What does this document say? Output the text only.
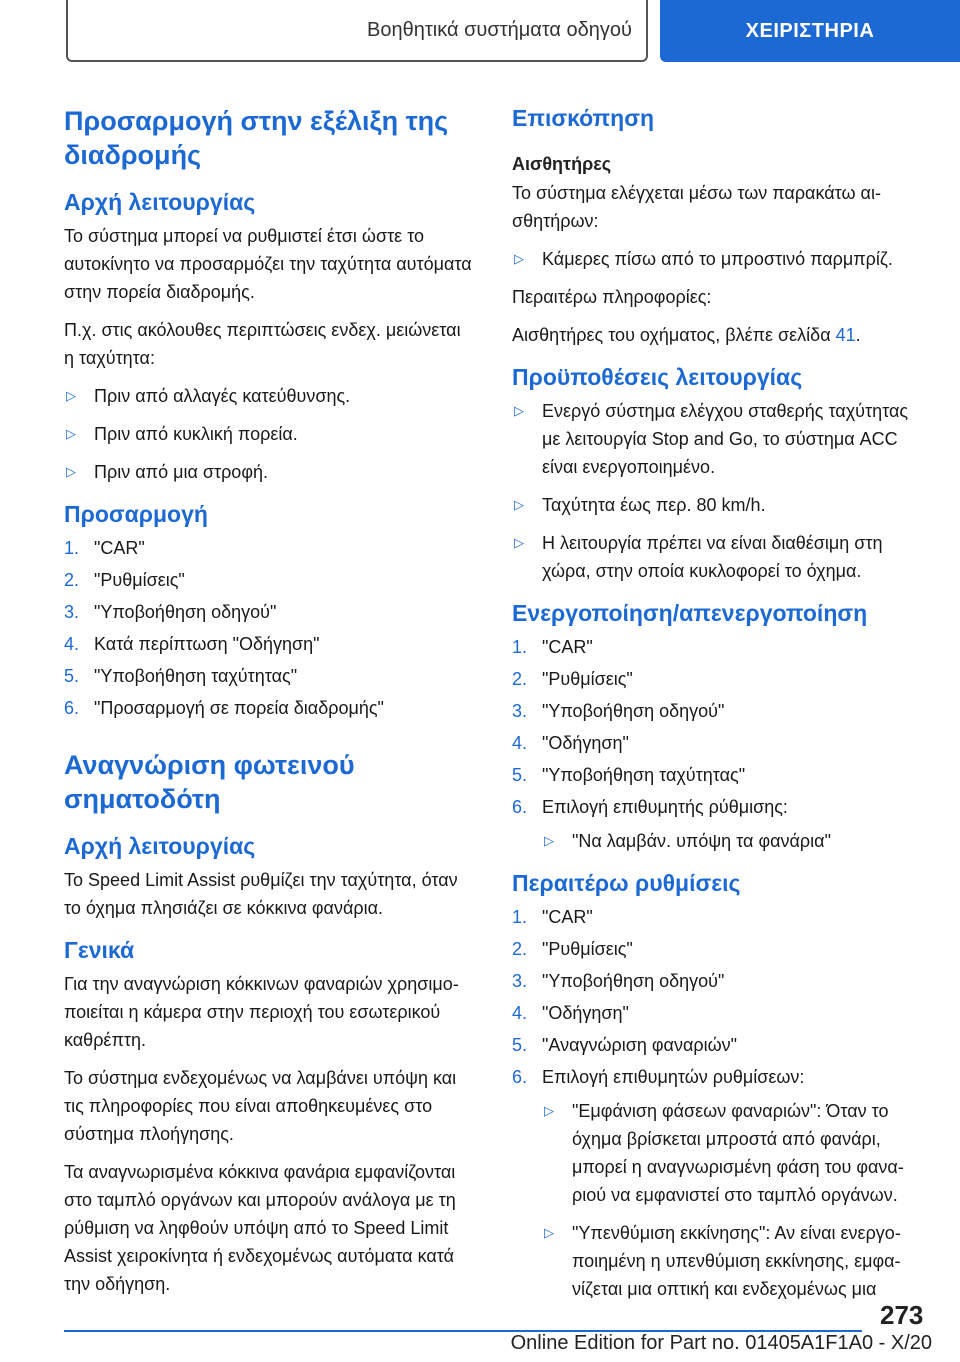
Βοηθητικά συστήματα οδηγού	ΧΕΙΡΙΣΤΗΡΙΑ
Προσαρμογή στην εξέλιξη της διαδρομής
Αρχή λειτουργίας

Το σύστημα μπορεί να ρυθμιστεί έτσι ώστε το αυτοκίνητο να προσαρμόζει την ταχύτητα αυτόματα στην πορεία διαδρομής.

Π.χ. στις ακόλουθες περιπτώσεις ενδεχ. μειώνεται η ταχύτητα:

▷ Πριν από αλλαγές κατεύθυνσης.
▷ Πριν από κυκλική πορεία.
▷ Πριν από μια στροφή.
Προσαρμογή
1. "CAR"
2. "Ρυθμίσεις"
3. "Υποβοήθηση οδηγού"
4. Κατά περίπτωση "Οδήγηση"
5. "Υποβοήθηση ταχύτητας"
6. "Προσαρμογή σε πορεία διαδρομής"
Αναγνώριση φωτεινού σηματοδότη
Αρχή λειτουργίας

Το Speed Limit Assist ρυθμίζει την ταχύτητα, όταν το όχημα πλησιάζει σε κόκκινα φανάρια.

Γενικά

Για την αναγνώριση κόκκινων φαναριών χρησιμοποιείται η κάμερα στην περιοχή του εσωτερικού καθρέπτη.

Το σύστημα ενδεχομένως να λαμβάνει υπόψη και τις πληροφορίες που είναι αποθηκευμένες στο σύστημα πλοήγησης.

Τα αναγνωρισμένα κόκκινα φανάρια εμφανίζονται στο ταμπλό οργάνων και μπορούν ανάλογα με τη ρύθμιση να ληφθούν υπόψη από το Speed Limit Assist χειροκίνητα ή ενδεχομένως αυτόματα κατά την οδήγηση.

Επισκόπηση
Αισθητήρες

Το σύστημα ελέγχεται μέσω των παρακάτω αισθητήρων:

▷ Κάμερες πίσω από το μπροστινό παρμπρίζ.

Περαιτέρω πληροφορίες:

Αισθητήρες του οχήματος, βλέπε σελίδα 41.

Προϋποθέσεις λειτουργίας
▷ Ενεργό σύστημα ελέγχου σταθερής ταχύτητας με λειτουργία Stop and Go, το σύστημα ACC είναι ενεργοποιημένο.
▷ Ταχύτητα έως περ. 80 km/h.
▷ Η λειτουργία πρέπει να είναι διαθέσιμη στη χώρα, στην οποία κυκλοφορεί το όχημα.
Ενεργοποίηση/απενεργοποίηση
1. "CAR"
2. "Ρυθμίσεις"
3. "Υποβοήθηση οδηγού"
4. "Οδήγηση"
5. "Υποβοήθηση ταχύτητας"
6. Επιλογή επιθυμητής ρύθμισης:
▷ "Να λαμβάν. υπόψη τα φανάρια"
Περαιτέρω ρυθμίσεις
1. "CAR"
2. "Ρυθμίσεις"
3. "Υποβοήθηση οδηγού"
4. "Οδήγηση"
5. "Αναγνώριση φαναριών"
6. Επιλογή επιθυμητών ρυθμίσεων:
▷ "Εμφάνιση φάσεων φαναριών": Όταν το όχημα βρίσκεται μπροστά από φανάρι, μπορεί η αναγνωρισμένη φάση του φαναριού να εμφανιστεί στο ταμπλό οργάνων.
▷ "Υπενθύμιση εκκίνησης": Αν είναι ενεργοποιημένη η υπενθύμιση εκκίνησης, εμφανίζεται μια οπτική και ενδεχομένως μια
273
Online Edition for Part no. 01405A1F1A0 - X/20
